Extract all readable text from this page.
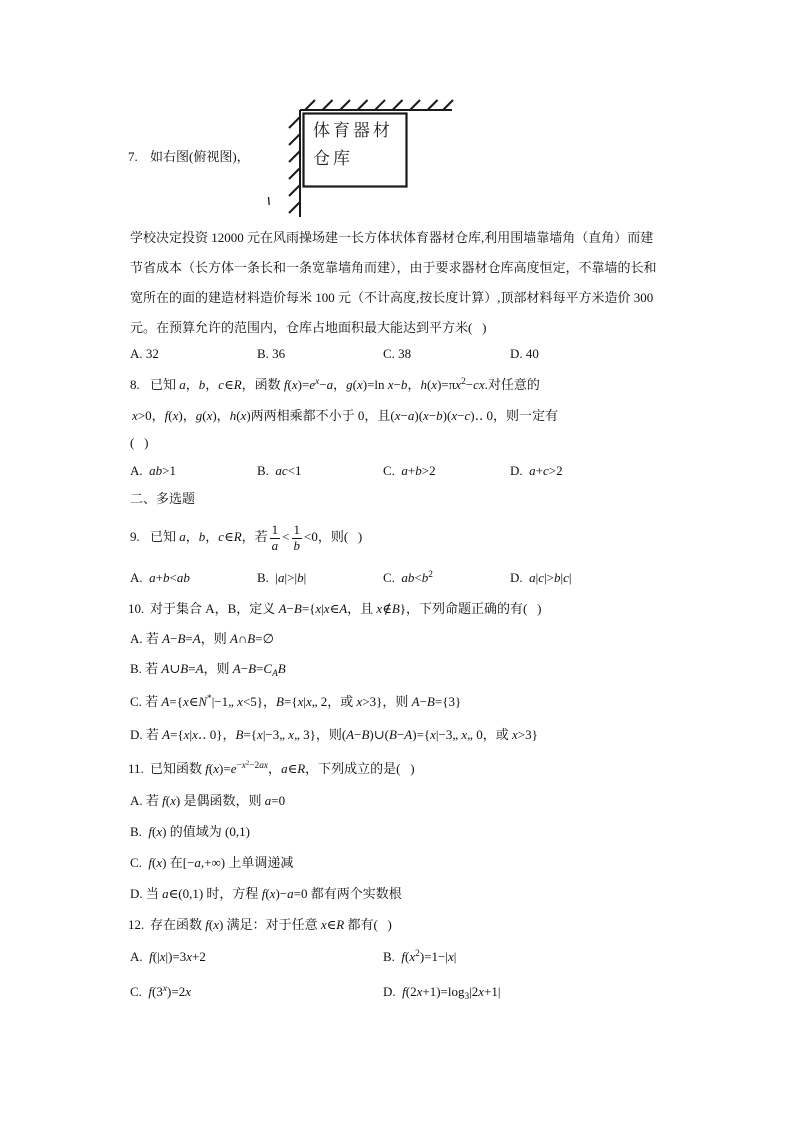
7. 如右图(俯视图)，
体育器材
仓库
学校决定投资 12000 元在风雨操场建一长方体状体育器材仓库,利用围墙靠墙角（直角）而建
节省成本（长方体一条长和一条宽靠墙角而建），由于要求器材仓库高度恒定，不靠墙的长和
宽所在的面的建造材料造价每米 100 元（不计高度,按长度计算）,顶部材料每平方米造价 300
元。在预算允许的范围内，仓库占地面积最大能达到平方米(   )
A. 32	B. 36	C. 38	D. 40
8. 已知 a，b，c∈R，函数 $f(x)=e^x-a$，g(x)=ln x−b，$h(x)=\pi x^2-cx$.对任意的
x>0，f(x)，g(x)，h(x)两两相乘都不小于 0，且(x−a)(x−b)(x−c)‥ 0，则一定有
(   )
A.  ab>1	B.  ac<1	C.  a+b>2	D.  a+c>2
二、多选题
9. 已知 a，b，c∈R，若 $\frac{1}{a} < \frac{1}{b} <0$，则(   )
A.  a+b<ab	B.  |a|>|b|	C.  $ab<b^2$	D.  a|c|>b|c|
10. 对于集合 A，B，定义 A−B={x|x∈A，且 x∉B}，下列命题正确的有(   )
A. 若 A−B=A，则 A∩B=∅
B. 若 A∪B=A，则 $A-B=C_AB$
C. 若 A={x∈N*|−1„ x<5}，B={x|x„ 2，或 x>3}，则 A−B={3}
D. 若 A={x|x‥ 0}，B={x|−3„ x„ 3}，则(A−B)∪(B−A)={x|−3„ x„ 0，或 x>3}
11. 已知函数 $f(x)=e^{-x^2-2ax}$，a∈R，下列成立的是(   )
A. 若 f(x) 是偶函数，则 a=0
B.  f(x) 的值域为 (0,1)
C.  f(x) 在[−a,+∞) 上单调递减
D. 当 a∈(0,1) 时，方程 f(x)−a=0 都有两个实数根
12. 存在函数 f(x) 满足：对于任意 x∈R 都有(   )
A.  f(|x|)=3x+2	B.  $f(x^2)=1-|x|$
C.  $f(3^x)=2x$	D.  $f(2x+1)=\log_3|2x+1|$
